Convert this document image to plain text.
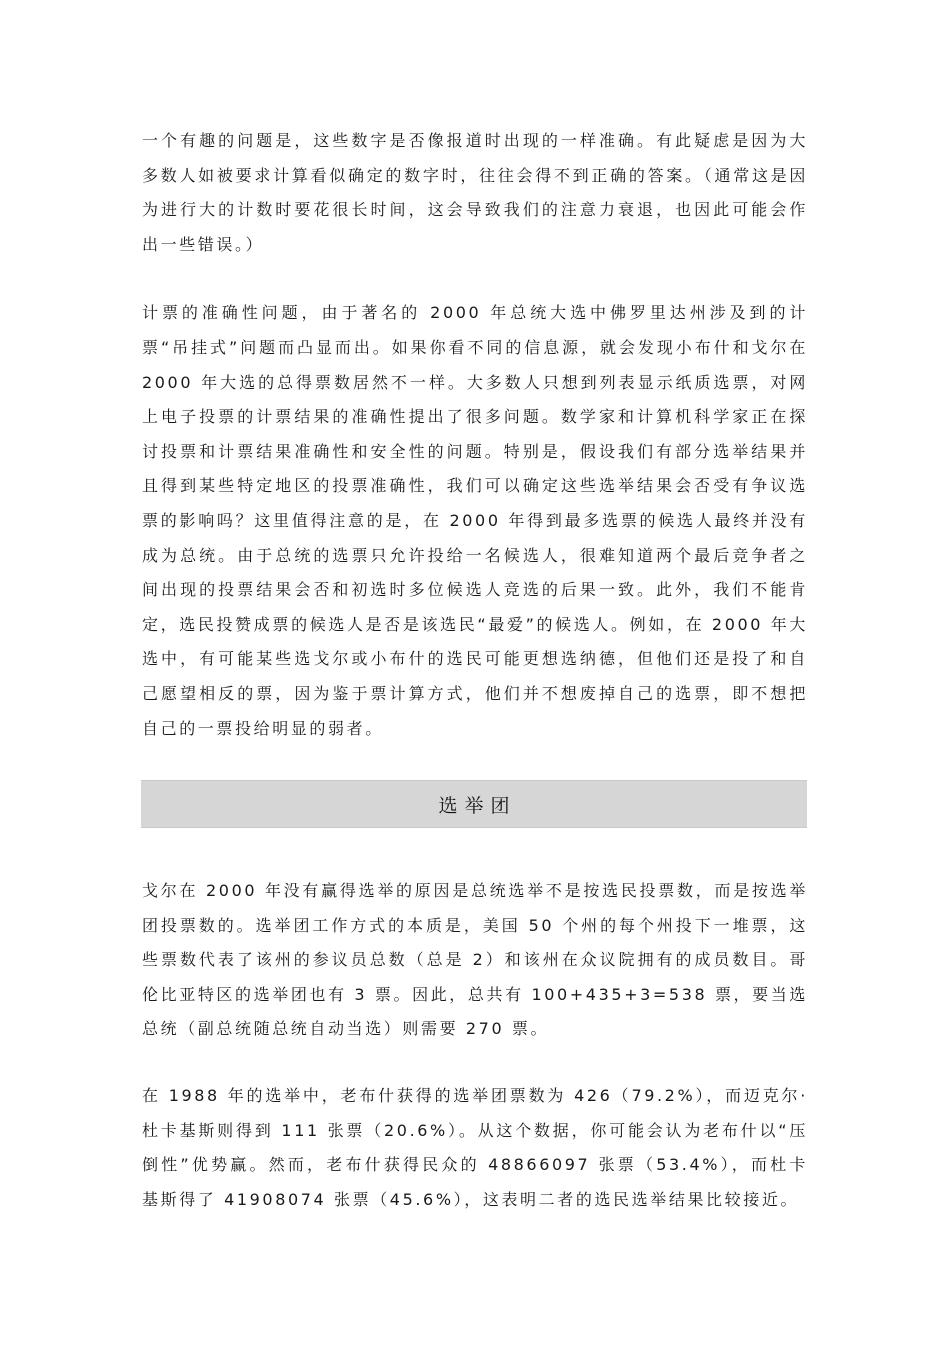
一个有趣的问题是，这些数字是否像报道时出现的一样准确。有此疑虑是因为大多数人如被要求计算看似确定的数字时，往往会得不到正确的答案。（通常这是因为进行大的计数时要花很长时间，这会导致我们的注意力衰退，也因此可能会作出一些错误。）

计票的准确性问题，由于著名的 2000 年总统大选中佛罗里达州涉及到的计票“吊挂式”问题而凸显而出。如果你看不同的信息源，就会发现小布什和戈尔在 2000 年大选的总得票数居然不一样。大多数人只想到列表显示纸质选票，对网上电子投票的计票结果的准确性提出了很多问题。数学家和计算机科学家正在探讨投票和计票结果准确性和安全性的问题。特别是，假设我们有部分选举结果并且得到某些特定地区的投票准确性，我们可以确定这些选举结果会否受有争议选票的影响吗？这里值得注意的是，在 2000 年得到最多选票的候选人最终并没有成为总统。由于总统的选票只允许投给一名候选人，很难知道两个最后竞争者之间出现的投票结果会否和初选时多位候选人竞选的后果一致。此外，我们不能肯定，选民投赞成票的候选人是否是该选民“最爱”的候选人。例如，在 2000 年大选中，有可能某些选戈尔或小布什的选民可能更想选纳德，但他们还是投了和自己愿望相反的票，因为鉴于票计算方式，他们并不想废掉自己的选票，即不想把自己的一票投给明显的弱者。

选举团

戈尔在 2000 年没有赢得选举的原因是总统选举不是按选民投票数，而是按选举团投票数的。选举团工作方式的本质是，美国 50 个州的每个州投下一堆票，这些票数代表了该州的参议员总数（总是 2）和该州在众议院拥有的成员数目。哥伦比亚特区的选举团也有 3 票。因此，总共有 100+435+3=538 票，要当选总统（副总统随总统自动当选）则需要 270 票。

在 1988 年的选举中，老布什获得的选举团票数为 426（79.2%），而迈克尔·杜卡基斯则得到 111 张票（20.6%）。从这个数据，你可能会认为老布什以“压倒性”优势赢。然而，老布什获得民众的 48866097 张票（53.4%），而杜卡基斯得了 41908074 张票（45.6%），这表明二者的选民选举结果比较接近。
